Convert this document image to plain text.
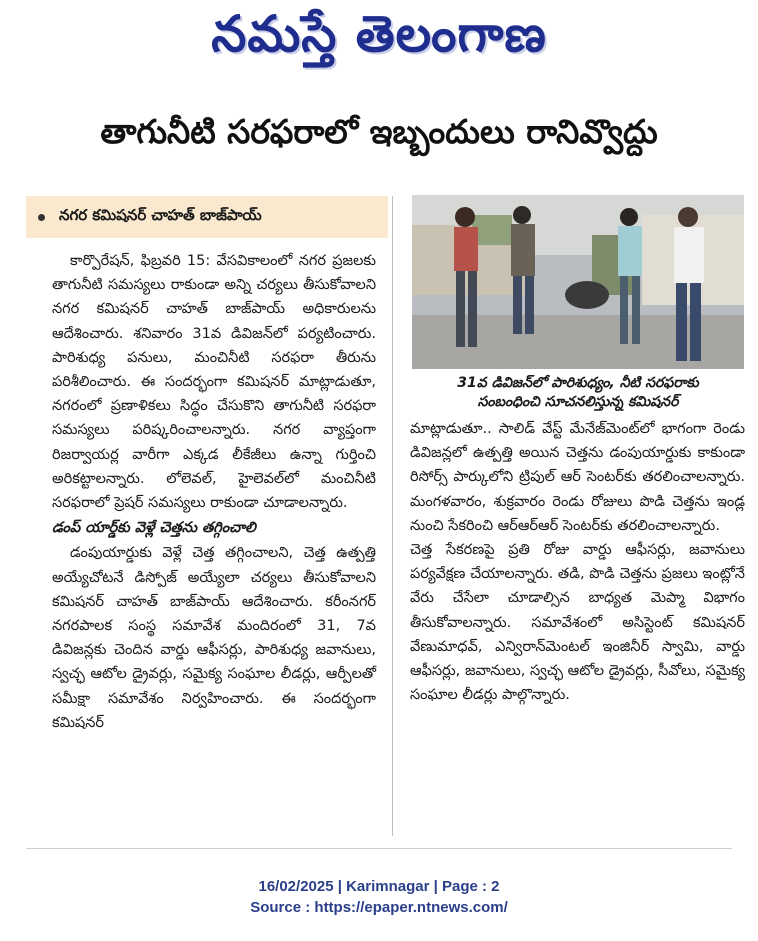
నమస్తే తెలంగాణ
తాగునీటి సరఫరాలో ఇబ్బందులు రానివ్వొద్దు
నగర కమిషనర్ చాహత్ బాజ్‌పాయ్

కార్పొరేషన్, ఫిబ్రవరి 15: వేసవికాలంలో నగర ప్రజలకు తాగునీటి సమస్యలు రాకుండా అన్ని చర్యలు తీసుకోవాలని నగర కమిషనర్ చాహత్ బాజ్‌పాయ్ అధికారులను ఆదేశించారు. శనివారం 31వ డివిజన్‌లో పర్యటించారు. పారిశుధ్య పనులు, మంచినీటి సరఫరా తీరును పరిశీలించారు. ఈ సందర్భంగా కమిషనర్ మాట్లాడుతూ, నగరంలో ప్రణాళికలు సిద్ధం చేసుకొని తాగునీటి సరఫరా సమస్యలు పరిష్కరించాలన్నారు. నగర వ్యాప్తంగా రిజర్వాయర్ల వారీగా ఎక్కడ లీకేజీలు ఉన్నా గుర్తించి అరికట్టాలన్నారు. లోలెవల్, హైలెవల్‌లో మంచినీటి సరఫరాలో ప్రెషర్ సమస్యలు రాకుండా చూడాలన్నారు.

డంప్ యార్డ్‌కు వెళ్లే చెత్తను తగ్గించాలి

డంపుయార్డుకు వెళ్లే చెత్త తగ్గించాలని, చెత్త ఉత్పత్తి అయ్యేచోటనే డిస్పోజ్ అయ్యేలా చర్యలు తీసుకోవాలని కమిషనర్ చాహత్ బాజ్‌పాయ్ ఆదేశించారు. కరీంనగర్ నగరపాలక సంస్థ సమావేశ మందిరంలో 31, 7వ డివిజన్లకు చెందిన వార్డు ఆఫీసర్లు, పారిశుధ్య జవానులు, స్వచ్ఛ ఆటోల డ్రైవర్లు, సమైక్య సంఘాల లీడర్లు, ఆర్పీలతో సమీక్షా సమావేశం నిర్వహించారు. ఈ సందర్భంగా కమిషనర్

31వ డివిజన్‌లో పారిశుధ్యం, నీటి సరఫరాకు
సంబంధించి సూచనలిస్తున్న కమిషనర్

మాట్లాడుతూ.. సాలిడ్ వేస్ట్ మేనేజ్‌మెంట్‌లో భాగంగా రెండు డివిజన్లలో ఉత్పత్తి అయిన చెత్తను డంపుయార్డుకు కాకుండా రిసోర్స్ పార్కులోని ట్రిపుల్ ఆర్ సెంటర్‌కు తరలించాలన్నారు. మంగళవారం, శుక్రవారం రెండు రోజులు పొడి చెత్తను ఇండ్ల నుంచి సేకరించి ఆర్ఆర్ఆర్ సెంటర్‌కు తరలించాలన్నారు.

చెత్త సేకరణపై ప్రతి రోజు వార్డు ఆఫీసర్లు, జవానులు పర్యవేక్షణ చేయాలన్నారు. తడి, పొడి చెత్తను ప్రజలు ఇంట్లోనే వేరు చేసేలా చూడాల్సిన బాధ్యత మెప్మా విభాగం తీసుకోవాలన్నారు. సమావేశంలో అసిస్టెంట్ కమిషనర్ వేణుమాధవ్, ఎన్విరాన్‌మెంటల్ ఇంజినీర్ స్వామి, వార్డు ఆఫీసర్లు, జవానులు, స్వచ్ఛ ఆటోల డ్రైవర్లు, సీవోలు, సమైక్య సంఘాల లీడర్లు పాల్గొన్నారు.

16/02/2025 | Karimnagar | Page : 2
Source : https://epaper.ntnews.com/
